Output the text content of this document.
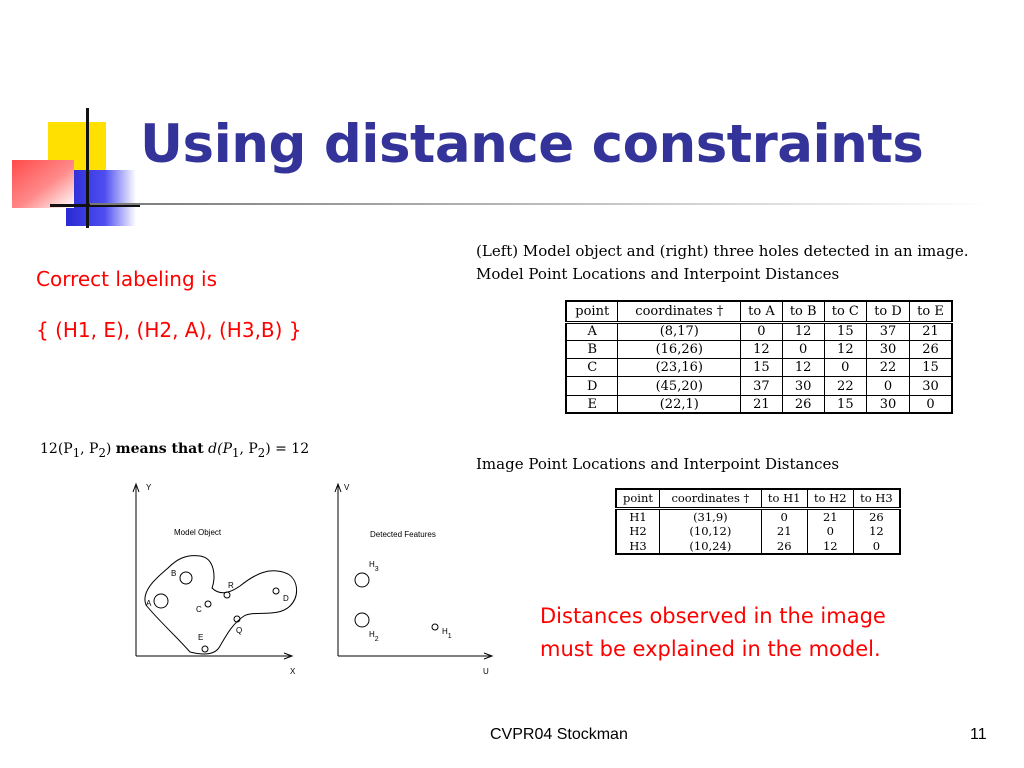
Using distance constraints
Correct labeling is
{ (H1, E), (H2, A), (H3,B) }
(Left) Model object and (right) three holes detected in an image.
Model Point Locations and Interpoint Distances
Image Point Locations and Interpoint Distances
point	coordinates †	to A	to B	to C	to D	to E
A	(8,17)	0	12	15	37	21
B	(16,26)	12	0	12	30	26
C	(23,16)	15	12	0	22	15
D	(45,20)	37	30	22	0	30
E	(22,1)	21	26	15	30	0
point	coordinates †	to H1	to H2	to H3
H1	(31,9)	0	21	26
H2	(10,12)	21	0	12
H3	(10,24)	26	12	0
$12(P_1$, $P_2$) means that $d(P_1$, $P_2) = 12$
Y
X
Model Object
A
B
C
D
E
R
Q
V
U
Detected Features
H3
H2
H1
Distances observed in the image
must be explained in the model.
CVPR04 Stockman	11
